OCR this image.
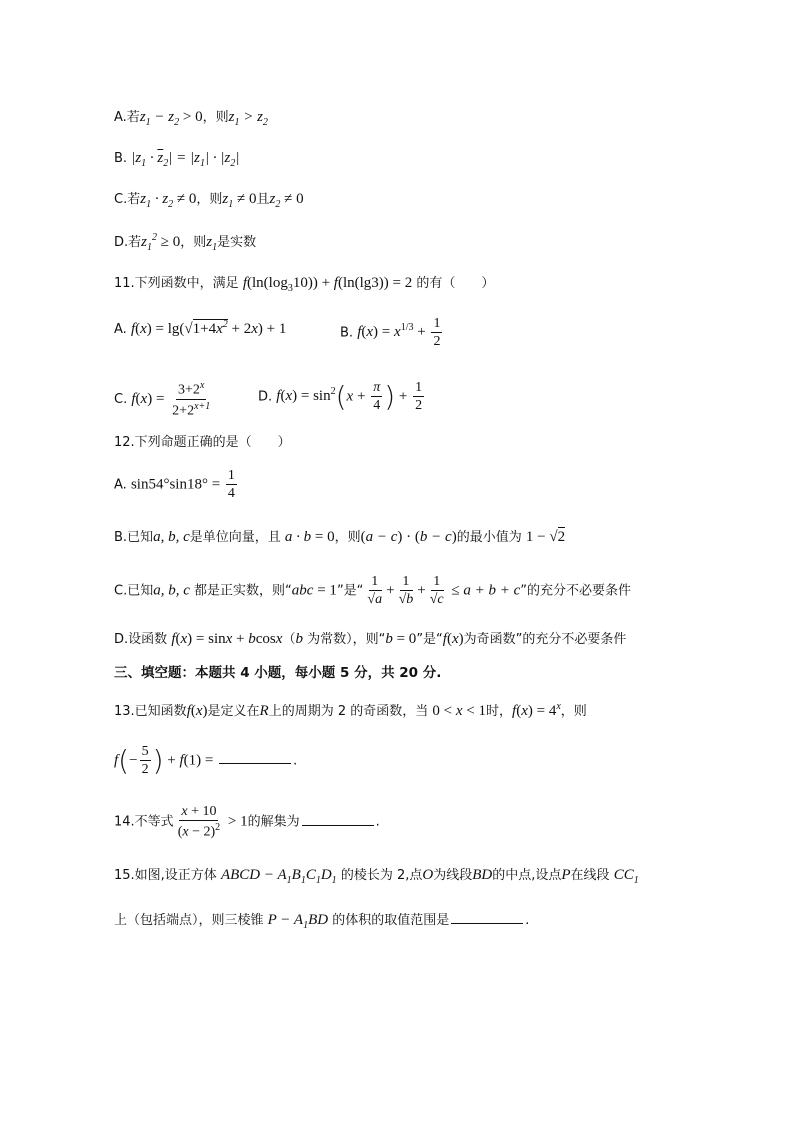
A.若$z_1 - z_2 > 0$，则$z_1 > z_2$
B. $|z_1 \cdot \overline{z}_2| = |z_1| \cdot |z_2|$
C.若$z_1 \cdot z_2 \ne 0$，则$z_1 \ne 0$且$z_2 \ne 0$
D.若$z_1^2 \ge 0$，则$z_1$是实数
11.下列函数中，满足 $f(\ln(\log_310)) + f(\ln(\lg 3)) = 2$ 的有（　　）
A. $f(x) = \lg(√1+4x^2 + 2x) + 1$	B. $f(x) = x^{1/3} + \frac{1}{2}$
C. $f(x) = \frac{3+2^x}{2+2^{x+1}}$	D. $f(x) = \sin^2(x + \frac{\pi}{4}$ ) + $\frac{1}{2}$
12.下列命题正确的是（　　）
A. $\sin 54^\circ\sin 18^\circ = \frac{1}{4}$
B.已知a, b, c是单位向量，且 a · b = 0，则(a − c) · (b − c)的最小值为 1 − √2
C.已知a, b, c 都是正实数，则“abc = 1”是“ $\frac{1}{√a} + \frac{1}{√b} + \frac{1}{√c} \le a + b + c$”的充分不必要条件
D.设函数 f(x) = sinx + bcosx（b 为常数），则“b = 0”是“f(x)为奇函数”的充分不必要条件
三、填空题：本题共 4 小题，每小题 5 分，共 20 分.
13.已知函数f(x)是定义在R上的周期为 2 的奇函数，当 0 < x < 1时，$f(x) = 4^x$，则
$f(- \frac{5}{2}$ ) + f(1) =	.
14.不等式 $\frac{x + 10}{(x - 2)^2} > 1$的解集为	.
15.如图,设正方体 ABCD − $A_1B_1C_1D_1$ 的棱长为 2,点O为线段BD的中点,设点P在线段 $CC_1$
上（包括端点），则三棱锥 $P - A_1BD$ 的体积的取值范围是	.
